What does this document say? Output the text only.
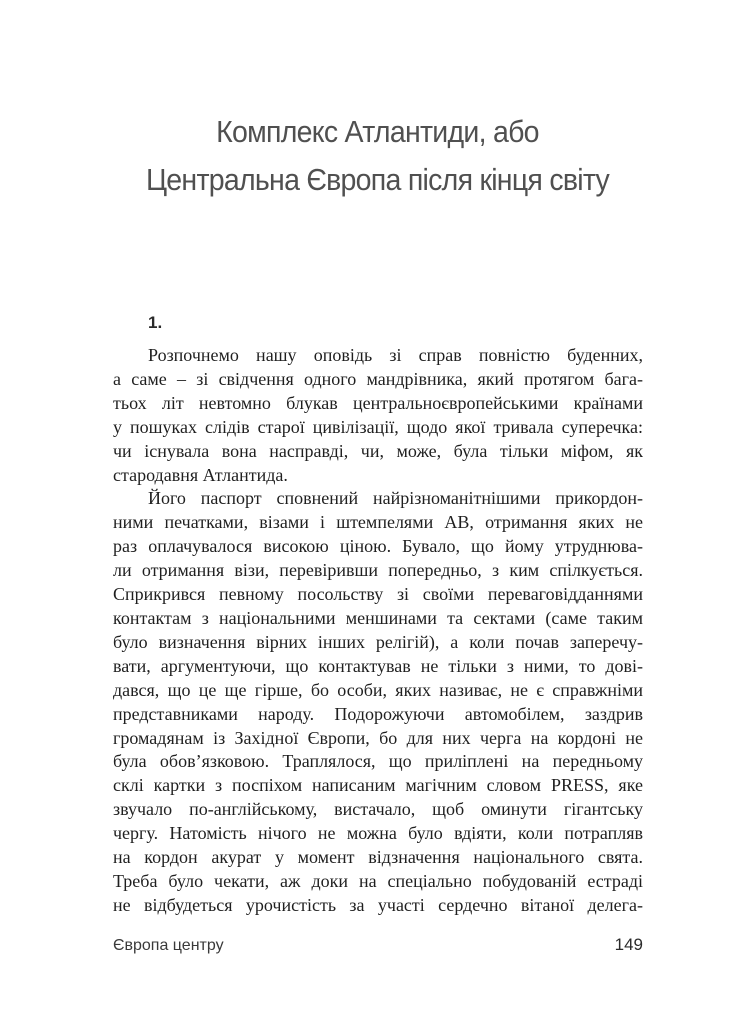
Комплекс Атлантиди, або
Центральна Європа після кінця світу
1.
Розпочнемо нашу оповідь зі справ повністю буденних,
а саме – зі свідчення одного мандрівника, який протягом бага-
тьох літ невтомно блукав центральноєвропейськими країнами
у пошуках слідів старої цивілізації, щодо якої тривала суперечка:
чи існувала вона насправді, чи, може, була тільки міфом, як
стародавня Атлантида.
Його паспорт сповнений найрізноманітнішими прикордон-
ними печатками, візами і штемпелями АВ, отримання яких не
раз оплачувалося високою ціною. Бувало, що йому утруднюва-
ли отримання візи, перевіривши попередньо, з ким спілкується.
Сприкрився певному посольству зі своїми переваговідданнями
контактам з національними меншинами та сектами (саме таким
було визначення вірних інших релігій), а коли почав заперечу-
вати, аргументуючи, що контактував не тільки з ними, то дові-
дався, що це ще гірше, бо особи, яких називає, не є справжніми
представниками народу. Подорожуючи автомобілем, заздрив
громадянам із Західної Європи, бо для них черга на кордоні не
була обов’язковою. Траплялося, що приліплені на передньому
склі картки з поспіхом написаним магічним словом PRESS, яке
звучало по-англійському, вистачало, щоб оминути гігантську
чергу. Натомість нічого не можна було вдіяти, коли потрапляв
на кордон акурат у момент відзначення національного свята.
Треба було чекати, аж доки на спеціально побудованій естраді
не відбудеться урочистість за участі сердечно вітаної делега-
Європа центру	149
